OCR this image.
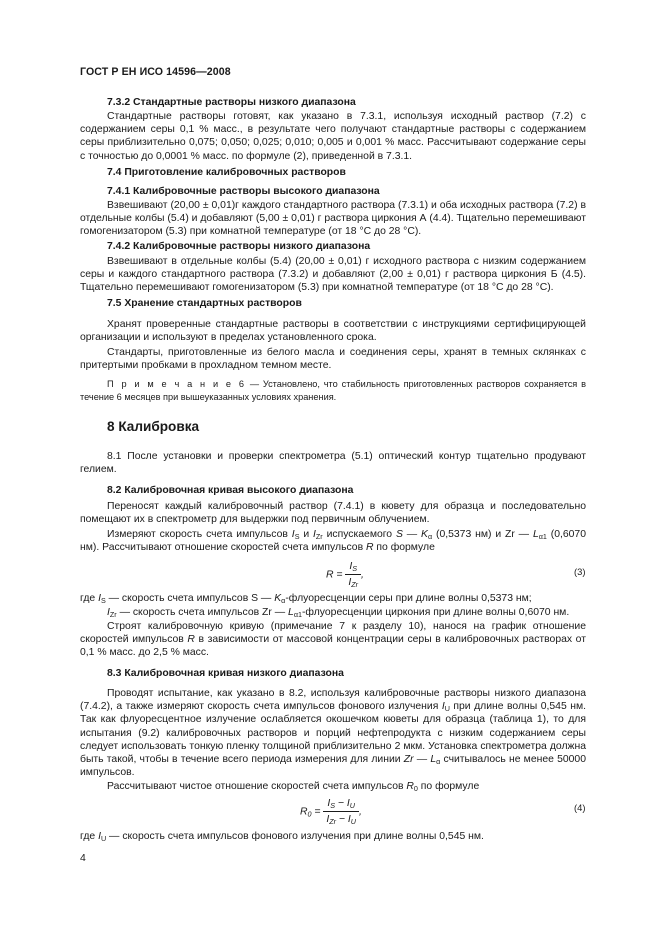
ГОСТ Р ЕН ИСО 14596—2008
7.3.2 Стандартные растворы низкого диапазона
Стандартные растворы готовят, как указано в 7.3.1, используя исходный раствор (7.2) с содержанием серы 0,1 % масс., в результате чего получают стандартные растворы с содержанием серы приблизительно 0,075; 0,050; 0,025; 0,010; 0,005 и 0,001 % масс. Рассчитывают содержание серы с точностью до 0,0001 % масс. по формуле (2), приведенной в 7.3.1.
7.4 Приготовление калибровочных растворов
7.4.1 Калибровочные растворы высокого диапазона
Взвешивают (20,00 ± 0,01)г каждого стандартного раствора (7.3.1) и оба исходных раствора (7.2) в отдельные колбы (5.4) и добавляют (5,00 ± 0,01) г раствора циркония А (4.4). Тщательно перемешивают гомогенизатором (5.3) при комнатной температуре (от 18 °С до 28 °С).
7.4.2 Калибровочные растворы низкого диапазона
Взвешивают в отдельные колбы (5.4) (20,00 ± 0,01) г исходного раствора с низким содержанием серы и каждого стандартного раствора (7.3.2) и добавляют (2,00 ± 0,01) г раствора циркония Б (4.5). Тщательно перемешивают гомогенизатором (5.3) при комнатной температуре (от 18 °С до 28 °С).
7.5 Хранение стандартных растворов
Хранят проверенные стандартные растворы в соответствии с инструкциями сертифицирующей организации и используют в пределах установленного срока.
Стандарты, приготовленные из белого масла и соединения серы, хранят в темных склянках с притертыми пробками в прохладном темном месте.
П р и м е ч а н и е 6 — Установлено, что стабильность приготовленных растворов сохраняется в течение 6 месяцев при вышеуказанных условиях хранения.
8 Калибровка
8.1 После установки и проверки спектрометра (5.1) оптический контур тщательно продувают гелием.
8.2 Калибровочная кривая высокого диапазона
Переносят каждый калибровочный раствор (7.4.1) в кювету для образца и последовательно помещают их в спектрометр для выдержки под первичным облучением.
Измеряют скорость счета импульсов $I_S$ и $I_{Zr}$ испускаемого S — $K_\alpha$ (0,5373 нм) и Zr — $L_{\alpha 1}$ (0,6070 нм). Рассчитывают отношение скоростей счета импульсов R по формуле
$R = \frac{I_S}{I_{Zr}}$ ,	(3)
где $I_S$ — скорость счета импульсов S — $K_\alpha$-флуоресценции серы при длине волны 0,5373 нм;
$I_{Zr}$ — скорость счета импульсов Zr — $L_{\alpha 1}$-флуоресценции циркония при длине волны 0,6070 нм.
Строят калибровочную кривую (примечание 7 к разделу 10), нанося на график отношение скоростей импульсов R в зависимости от массовой концентрации серы в калибровочных растворах от 0,1 % масс. до 2,5 % масс.
8.3 Калибровочная кривая низкого диапазона
Проводят испытание, как указано в 8.2, используя калибровочные растворы низкого диапазона (7.4.2), а также измеряют скорость счета импульсов фонового излучения $I_U$ при длине волны 0,545 нм. Так как флуоресцентное излучение ослабляется окошечком кюветы для образца (таблица 1), то для испытания (9.2) калибровочных растворов и порций нефтепродукта с низким содержанием серы следует использовать тонкую пленку толщиной приблизительно 2 мкм. Установка спектрометра должна быть такой, чтобы в течение всего периода измерения для линии Zr — $L_\alpha$ считывалось не менее 50000 импульсов.
Рассчитывают чистое отношение скоростей счета импульсов $R_0$ по формуле
$R_0 = \frac{I_S - I_U}{I_{Zr} - I_U}$ ,	(4)
где $I_U$ — скорость счета импульсов фонового излучения при длине волны 0,545 нм.
4
